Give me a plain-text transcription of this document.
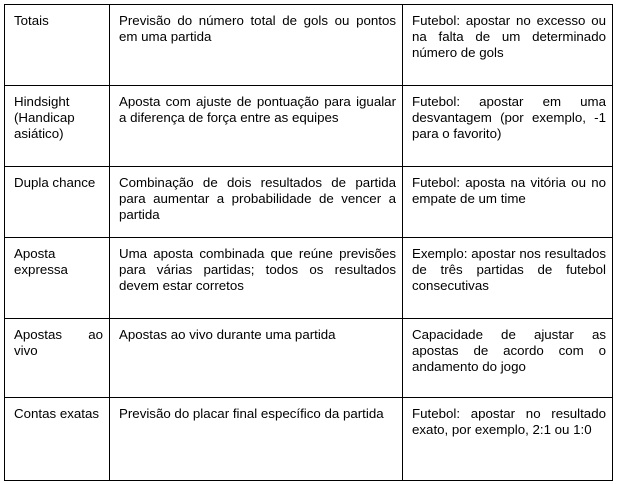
Totais	Previsão do número total de gols ou pontos em uma partida	Futebol: apostar no excesso ou na falta de um determinado número de gols
Hindsight (Handicap asiático)	Aposta com ajuste de pontuação para igualar a diferença de força entre as equipes	Futebol: apostar em uma desvantagem (por exemplo, -1 para o favorito)
Dupla chance	Combinação de dois resultados de partida para aumentar a probabilidade de vencer a partida	Futebol: aposta na vitória ou no empate de um time
Aposta expressa	Uma aposta combinada que reúne previsões para várias partidas; todos os resultados devem estar corretos	Exemplo: apostar nos resultados de três partidas de futebol consecutivas
Apostas ao vivo	Apostas ao vivo durante uma partida	Capacidade de ajustar as apostas de acordo com o andamento do jogo
Contas exatas	Previsão do placar final específico da partida	Futebol: apostar no resultado exato, por exemplo, 2:1 ou 1:0
